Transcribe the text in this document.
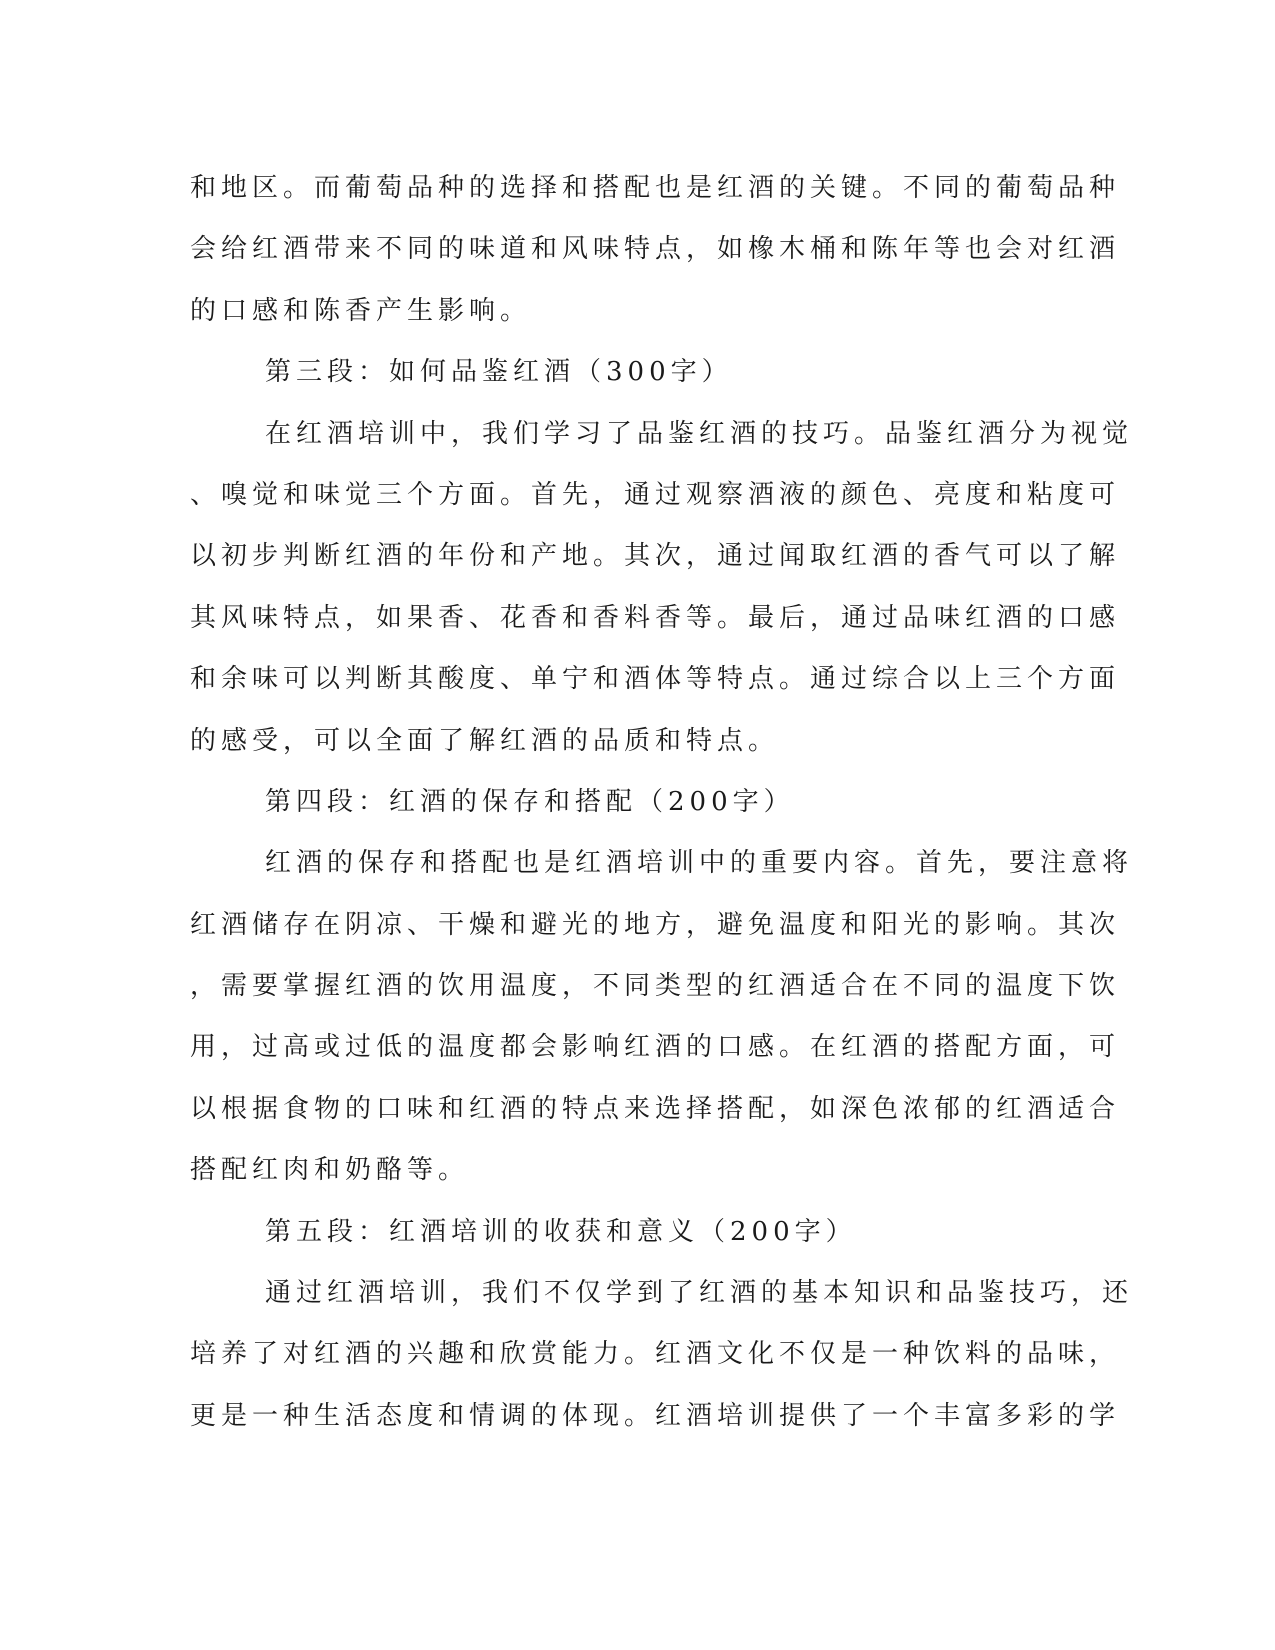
和地区。而葡萄品种的选择和搭配也是红酒的关键。不同的葡萄品种
会给红酒带来不同的味道和风味特点，如橡木桶和陈年等也会对红酒
的口感和陈香产生影响。
第三段：如何品鉴红酒（300字）
在红酒培训中，我们学习了品鉴红酒的技巧。品鉴红酒分为视觉
、嗅觉和味觉三个方面。首先，通过观察酒液的颜色、亮度和粘度可
以初步判断红酒的年份和产地。其次，通过闻取红酒的香气可以了解
其风味特点，如果香、花香和香料香等。最后，通过品味红酒的口感
和余味可以判断其酸度、单宁和酒体等特点。通过综合以上三个方面
的感受，可以全面了解红酒的品质和特点。
第四段：红酒的保存和搭配（200字）
红酒的保存和搭配也是红酒培训中的重要内容。首先，要注意将
红酒储存在阴凉、干燥和避光的地方，避免温度和阳光的影响。其次
，需要掌握红酒的饮用温度，不同类型的红酒适合在不同的温度下饮
用，过高或过低的温度都会影响红酒的口感。在红酒的搭配方面，可
以根据食物的口味和红酒的特点来选择搭配，如深色浓郁的红酒适合
搭配红肉和奶酪等。
第五段：红酒培训的收获和意义（200字）
通过红酒培训，我们不仅学到了红酒的基本知识和品鉴技巧，还
培养了对红酒的兴趣和欣赏能力。红酒文化不仅是一种饮料的品味，
更是一种生活态度和情调的体现。红酒培训提供了一个丰富多彩的学
